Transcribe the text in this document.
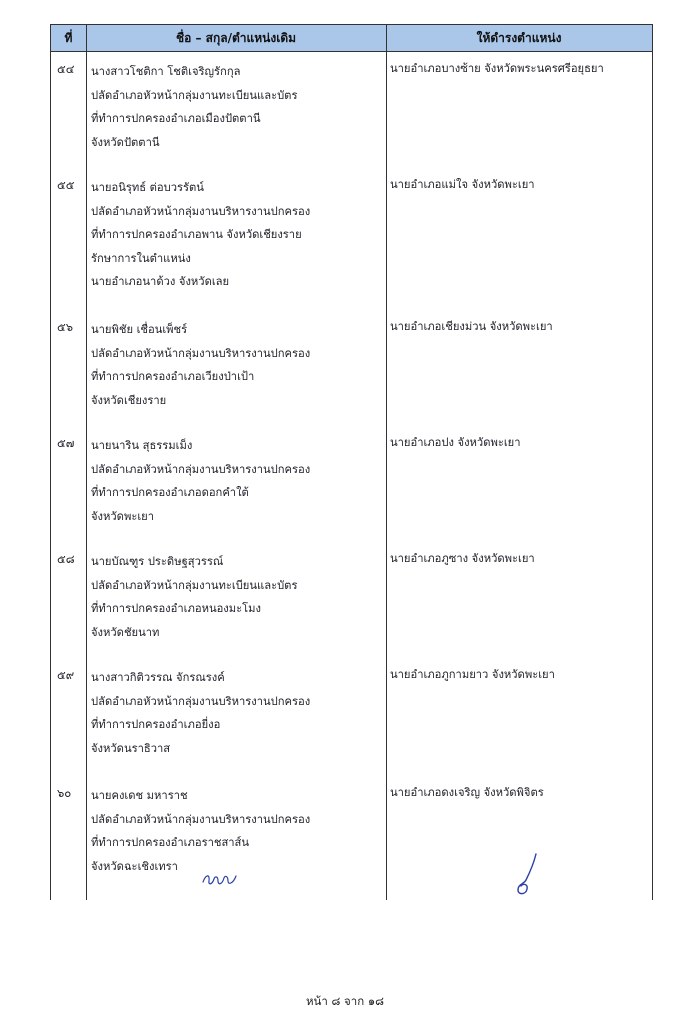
ที่	ชื่อ – สกุล/ตำแหน่งเดิม	ให้ดำรงตำแหน่ง
๕๔ นางสาวโชติกา โชติเจริญรักกุล
ปลัดอำเภอหัวหน้ากลุ่มงานทะเบียนและบัตร
ที่ทำการปกครองอำเภอเมืองปัตตานี
จังหวัดปัตตานี
นายอำเภอบางซ้าย จังหวัดพระนครศรีอยุธยา
๕๕ นายอนิรุทธ์ ต่อบวรรัตน์
ปลัดอำเภอหัวหน้ากลุ่มงานบริหารงานปกครอง
ที่ทำการปกครองอำเภอพาน จังหวัดเชียงราย
รักษาการในตำแหน่ง
นายอำเภอนาด้วง จังหวัดเลย
นายอำเภอแม่ใจ จังหวัดพะเยา
๕๖ นายพิชัย เชื่อนเพ็ชร์
ปลัดอำเภอหัวหน้ากลุ่มงานบริหารงานปกครอง
ที่ทำการปกครองอำเภอเวียงป่าเป้า
จังหวัดเชียงราย
นายอำเภอเชียงม่วน จังหวัดพะเยา
๕๗ นายนาริน สุธรรมเม็ง
ปลัดอำเภอหัวหน้ากลุ่มงานบริหารงานปกครอง
ที่ทำการปกครองอำเภอดอกคำใต้
จังหวัดพะเยา
นายอำเภอปง จังหวัดพะเยา
๕๘ นายบัณฑูร ประดิษฐสุวรรณ์
ปลัดอำเภอหัวหน้ากลุ่มงานทะเบียนและบัตร
ที่ทำการปกครองอำเภอหนองมะโมง
จังหวัดชัยนาท
นายอำเภอภูซาง จังหวัดพะเยา
๕๙ นางสาวกิติวรรณ จักรณรงค์
ปลัดอำเภอหัวหน้ากลุ่มงานบริหารงานปกครอง
ที่ทำการปกครองอำเภอยี่งอ
จังหวัดนราธิวาส
นายอำเภอภูกามยาว จังหวัดพะเยา
๖๐ นายคงเดช มหาราช
ปลัดอำเภอหัวหน้ากลุ่มงานบริหารงานปกครอง
ที่ทำการปกครองอำเภอราชสาส์น
จังหวัดฉะเชิงเทรา
นายอำเภอดงเจริญ จังหวัดพิจิตร
หน้า ๘ จาก ๑๘
